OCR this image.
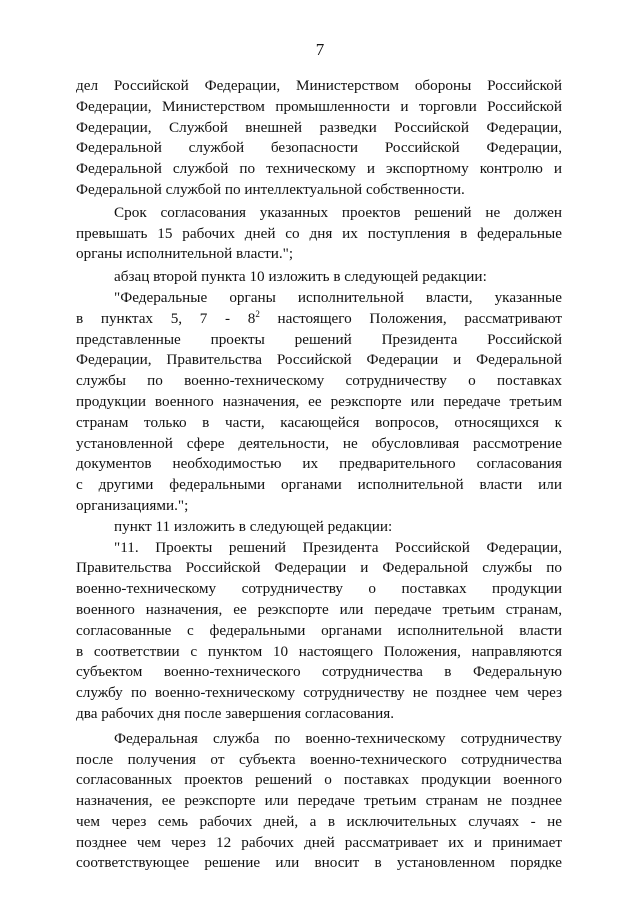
7
дел Российской Федерации, Министерством обороны Российской
Федерации, Министерством промышленности и торговли Российской
Федерации, Службой внешней разведки Российской Федерации,
Федеральной службой безопасности Российской Федерации,
Федеральной службой по техническому и экспортному контролю и
Федеральной службой по интеллектуальной собственности.
Срок согласования указанных проектов решений не должен
превышать 15 рабочих дней со дня их поступления в федеральные
органы исполнительной власти.";
абзац второй пункта 10 изложить в следующей редакции:
"Федеральные органы исполнительной власти, указанные
в пунктах 5, $7 - 8^2$ настоящего Положения, рассматривают
представленные проекты решений Президента Российской
Федерации, Правительства Российской Федерации и Федеральной
службы по военно-техническому сотрудничеству о поставках
продукции военного назначения, ее реэкспорте или передаче третьим
странам только в части, касающейся вопросов, относящихся к
установленной сфере деятельности, не обусловливая рассмотрение
документов необходимостью их предварительного согласования
с другими федеральными органами исполнительной власти или
организациями.";
пункт 11 изложить в следующей редакции:
"11. Проекты решений Президента Российской Федерации,
Правительства Российской Федерации и Федеральной службы по
военно-техническому сотрудничеству о поставках продукции
военного назначения, ее реэкспорте или передаче третьим странам,
согласованные с федеральными органами исполнительной власти
в соответствии с пунктом 10 настоящего Положения, направляются
субъектом военно-технического сотрудничества в Федеральную
службу по военно-техническому сотрудничеству не позднее чем через
два рабочих дня после завершения согласования.
Федеральная служба по военно-техническому сотрудничеству
после получения от субъекта военно-технического сотрудничества
согласованных проектов решений о поставках продукции военного
назначения, ее реэкспорте или передаче третьим странам не позднее
чем через семь рабочих дней, а в исключительных случаях - не
позднее чем через 12 рабочих дней рассматривает их и принимает
соответствующее решение или вносит в установленном порядке
